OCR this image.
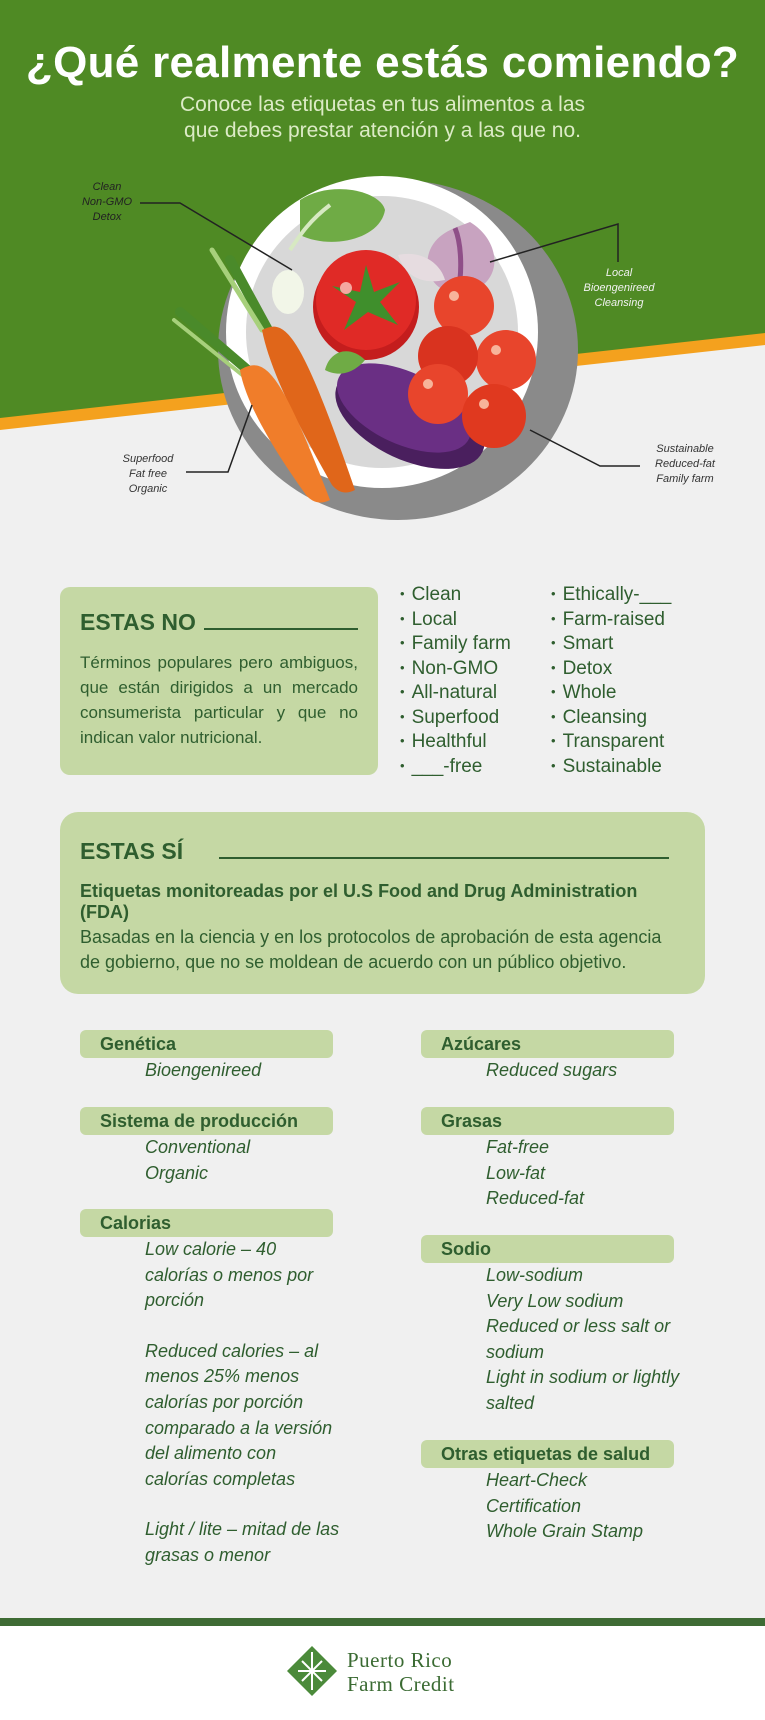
¿Qué realmente estás comiendo?
Conoce las etiquetas en tus alimentos a las
que debes prestar atención y a las que no.
Clean
Non-GMO
Detox
Local
Bioengenireed
Cleansing
Superfood
Fat free
Organic
Sustainable
Reduced-fat
Family farm
ESTAS NO

Términos populares pero ambiguos, que están dirigidos a un mercado consumerista particular y que no indican valor nutricional.

• Clean
• Local
• Family farm
• Non-GMO
• All-natural
• Superfood
• Healthful
• ___-free
• Ethically-___
• Farm-raised
• Smart
• Detox
• Whole
• Cleansing
• Transparent
• Sustainable
ESTAS SÍ
Etiquetas monitoreadas por el U.S Food and Drug Administration (FDA)
Basadas en la ciencia y en los protocolos de aprobación de esta agencia de gobierno, que no se moldean de acuerdo con un público objetivo.
Genética
Bioengenireed
Sistema de producción
Conventional
Organic
Calorias
Low calorie – 40 calorías o menos por porción
Reduced calories – al menos 25% menos calorías por porción comparado a la versión del alimento con calorías completas
Light / lite – mitad de las grasas o menor
Azúcares
Reduced sugars
Grasas
Fat-free
Low-fat
Reduced-fat
Sodio
Low-sodium
Very Low sodium
Reduced or less salt or sodium
Light in sodium or lightly salted
Otras etiquetas de salud
Heart-Check
Certification
Whole Grain Stamp
Puerto Rico
Farm Credit
